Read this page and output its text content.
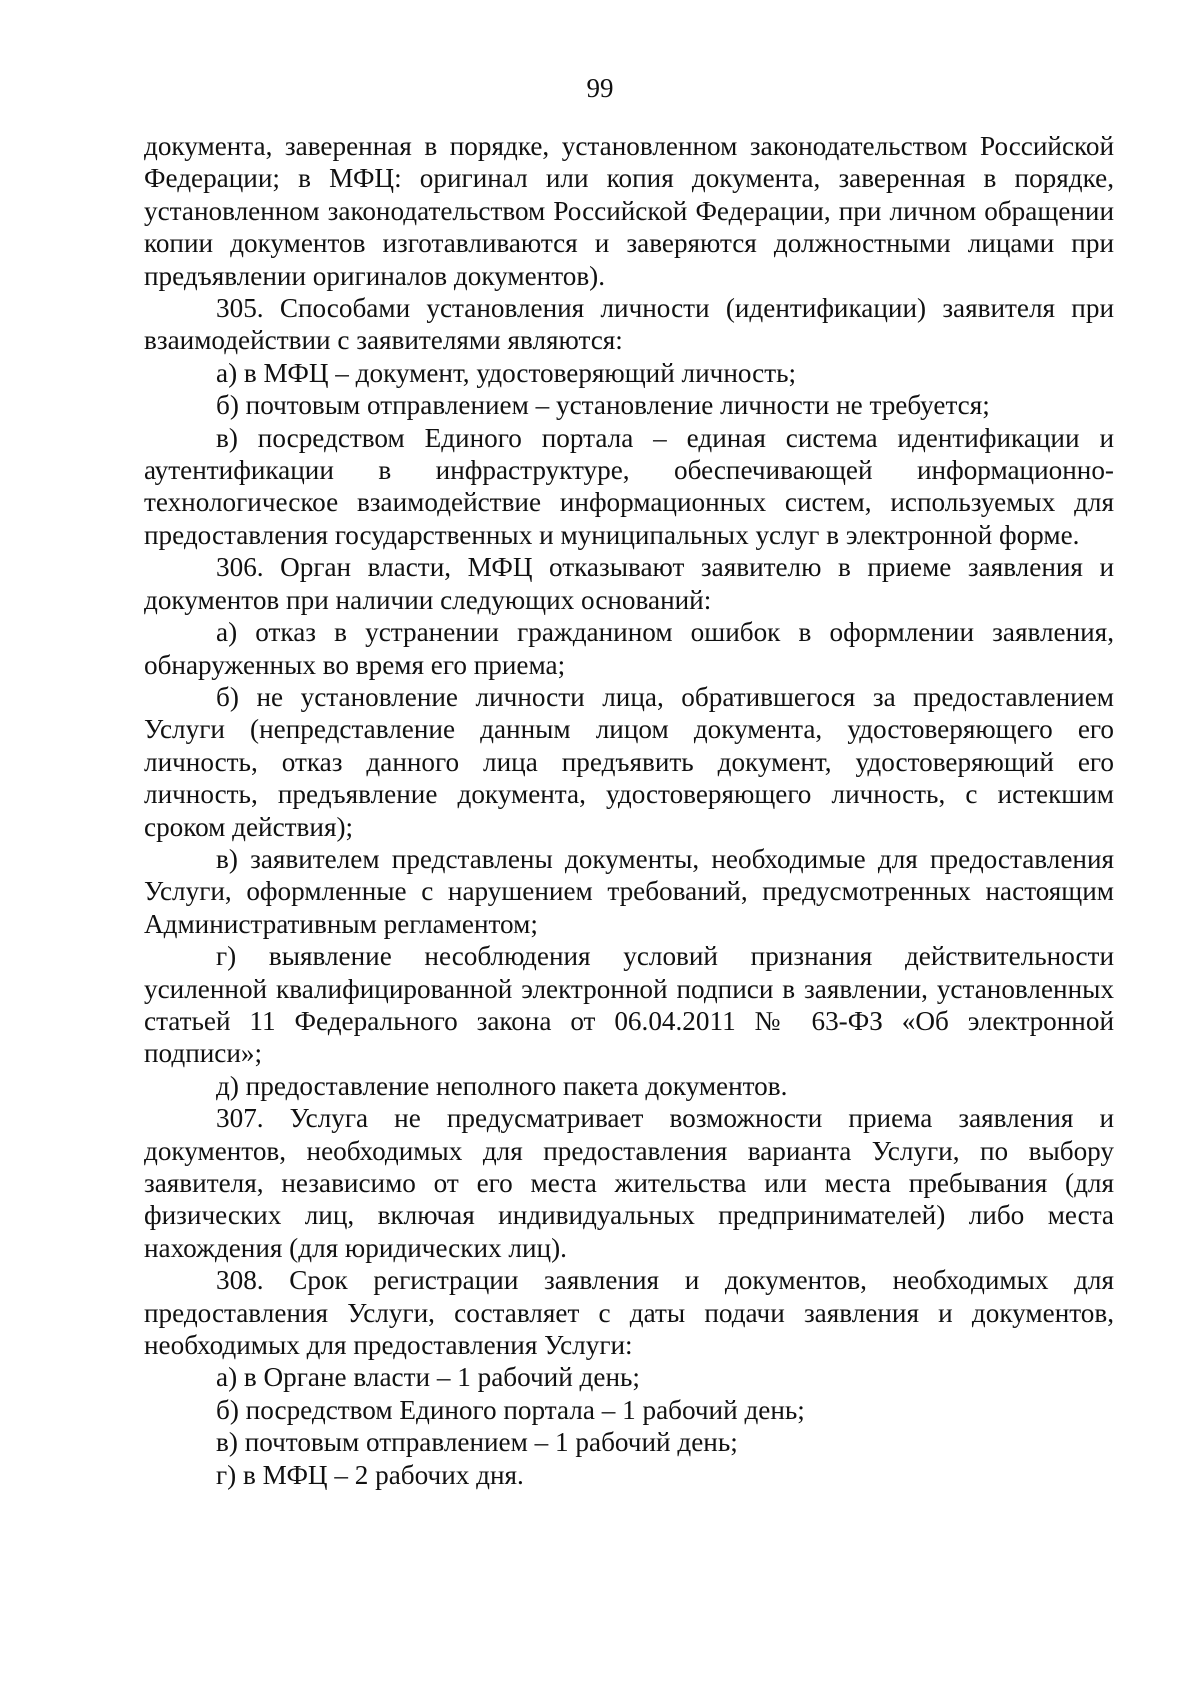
99

документа, заверенная в порядке, установленном законодательством Российской Федерации; в МФЦ: оригинал или копия документа, заверенная в порядке, установленном законодательством Российской Федерации, при личном обращении копии документов изготавливаются и заверяются должностными лицами при предъявлении оригиналов документов).

305. Способами установления личности (идентификации) заявителя при взаимодействии с заявителями являются:

а) в МФЦ – документ, удостоверяющий личность;

б) почтовым отправлением – установление личности не требуется;

в) посредством Единого портала – единая система идентификации и аутентификации в инфраструктуре, обеспечивающей информационно-технологическое взаимодействие информационных систем, используемых для предоставления государственных и муниципальных услуг в электронной форме.

306. Орган власти, МФЦ отказывают заявителю в приеме заявления и документов при наличии следующих оснований:

а) отказ в устранении гражданином ошибок в оформлении заявления, обнаруженных во время его приема;

б) не установление личности лица, обратившегося за предоставлением Услуги (непредставление данным лицом документа, удостоверяющего его личность, отказ данного лица предъявить документ, удостоверяющий его личность, предъявление документа, удостоверяющего личность, с истекшим сроком действия);

в) заявителем представлены документы, необходимые для предоставления Услуги, оформленные с нарушением требований, предусмотренных настоящим Административным регламентом;

г) выявление несоблюдения условий признания действительности усиленной квалифицированной электронной подписи в заявлении, установленных статьей 11 Федерального закона от 06.04.2011 № 63-ФЗ «Об электронной подписи»;

д) предоставление неполного пакета документов.

307. Услуга не предусматривает возможности приема заявления и документов, необходимых для предоставления варианта Услуги, по выбору заявителя, независимо от его места жительства или места пребывания (для физических лиц, включая индивидуальных предпринимателей) либо места нахождения (для юридических лиц).

308. Срок регистрации заявления и документов, необходимых для предоставления Услуги, составляет с даты подачи заявления и документов, необходимых для предоставления Услуги:

а) в Органе власти – 1 рабочий день;

б) посредством Единого портала – 1 рабочий день;

в) почтовым отправлением – 1 рабочий день;

г) в МФЦ – 2 рабочих дня.
